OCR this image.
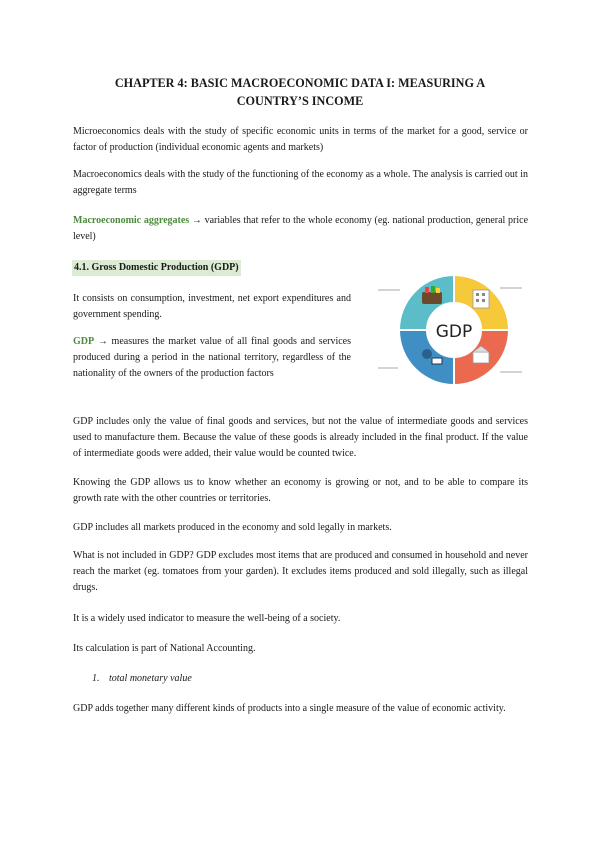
CHAPTER 4: BASIC MACROECONOMIC DATA I: MEASURING A
COUNTRY’S INCOME
Microeconomics deals with the study of specific economic units in terms of the market for a good, service or factor of production (individual economic agents and markets)
Macroeconomics deals with the study of the functioning of the economy as a whole. The analysis is carried out in aggregate terms
Macroeconomic aggregates → variables that refer to the whole economy (eg. national production, general price level)
4.1. Gross Domestic Production (GDP)
It consists on consumption, investment, net export expenditures and government spending.
GDP → measures the market value of all final goods and services produced during a period in the national territory, regardless of the nationality of the owners of the production factors
GDP
GDP includes only the value of final goods and services, but not the value of intermediate goods and services used to manufacture them. Because the value of these goods is already included in the final product. If the value of intermediate goods were added, their value would be counted twice.
Knowing the GDP allows us to know whether an economy is growing or not, and to be able to compare its growth rate with the other countries or territories.
GDP includes all markets produced in the economy and sold legally in markets.
What is not included in GDP? GDP excludes most items that are produced and consumed in household and never reach the market (eg. tomatoes from your garden). It excludes items produced and sold illegally, such as illegal drugs.
It is a widely used indicator to measure the well-being of a society.
Its calculation is part of National Accounting.
1. total monetary value
GDP adds together many different kinds of products into a single measure of the value of economic activity.
